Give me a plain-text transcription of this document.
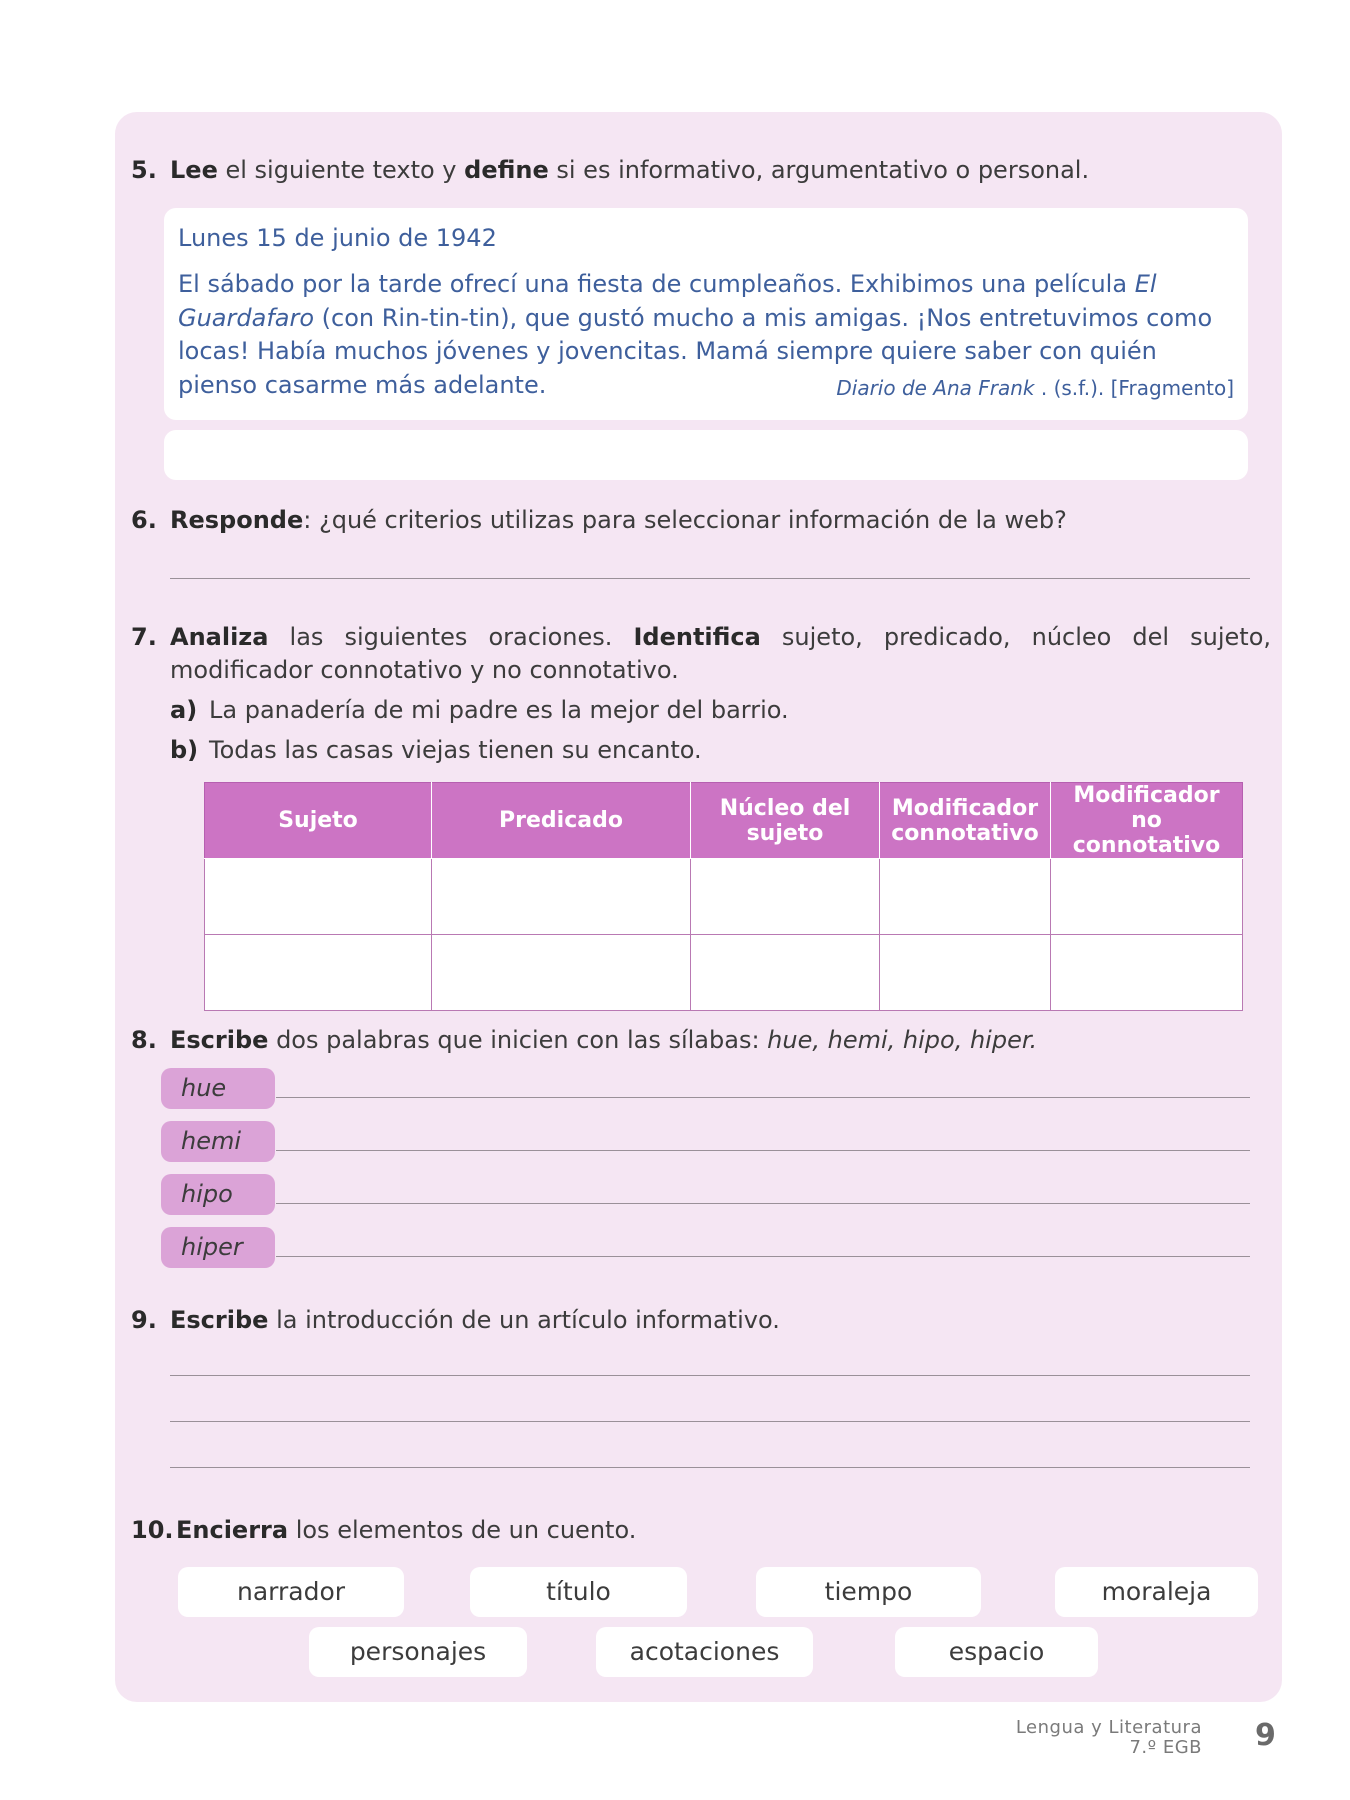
5. Lee el siguiente texto y define si es informativo, argumentativo o personal.
Lunes 15 de junio de 1942
El sábado por la tarde ofrecí una fiesta de cumpleaños. Exhibimos una película El Guardafaro (con Rin-tin-tin), que gustó mucho a mis amigas. ¡Nos entretuvimos como locas! Había muchos jóvenes y jovencitas. Mamá siempre quiere saber con quién pienso casarme más adelante.	Diario de Ana Frank . (s.f.). [Fragmento]
6. Responde: ¿qué criterios utilizas para seleccionar información de la web?
7. Analiza las siguientes oraciones. Identifica sujeto, predicado, núcleo del sujeto, modificador connotativo y no connotativo.
a) La panadería de mi padre es la mejor del barrio.
b) Todas las casas viejas tienen su encanto.
Sujeto	Predicado	Núcleo del sujeto	Modificador connotativo	Modificador no connotativo

8. Escribe dos palabras que inicien con las sílabas: hue, hemi, hipo, hiper.
hue
hemi
hipo
hiper
9. Escribe la introducción de un artículo informativo.
10. Encierra los elementos de un cuento.
narrador	título	tiempo	moraleja
personajes	acotaciones	espacio
Lengua y Literatura
7.º EGB 9
